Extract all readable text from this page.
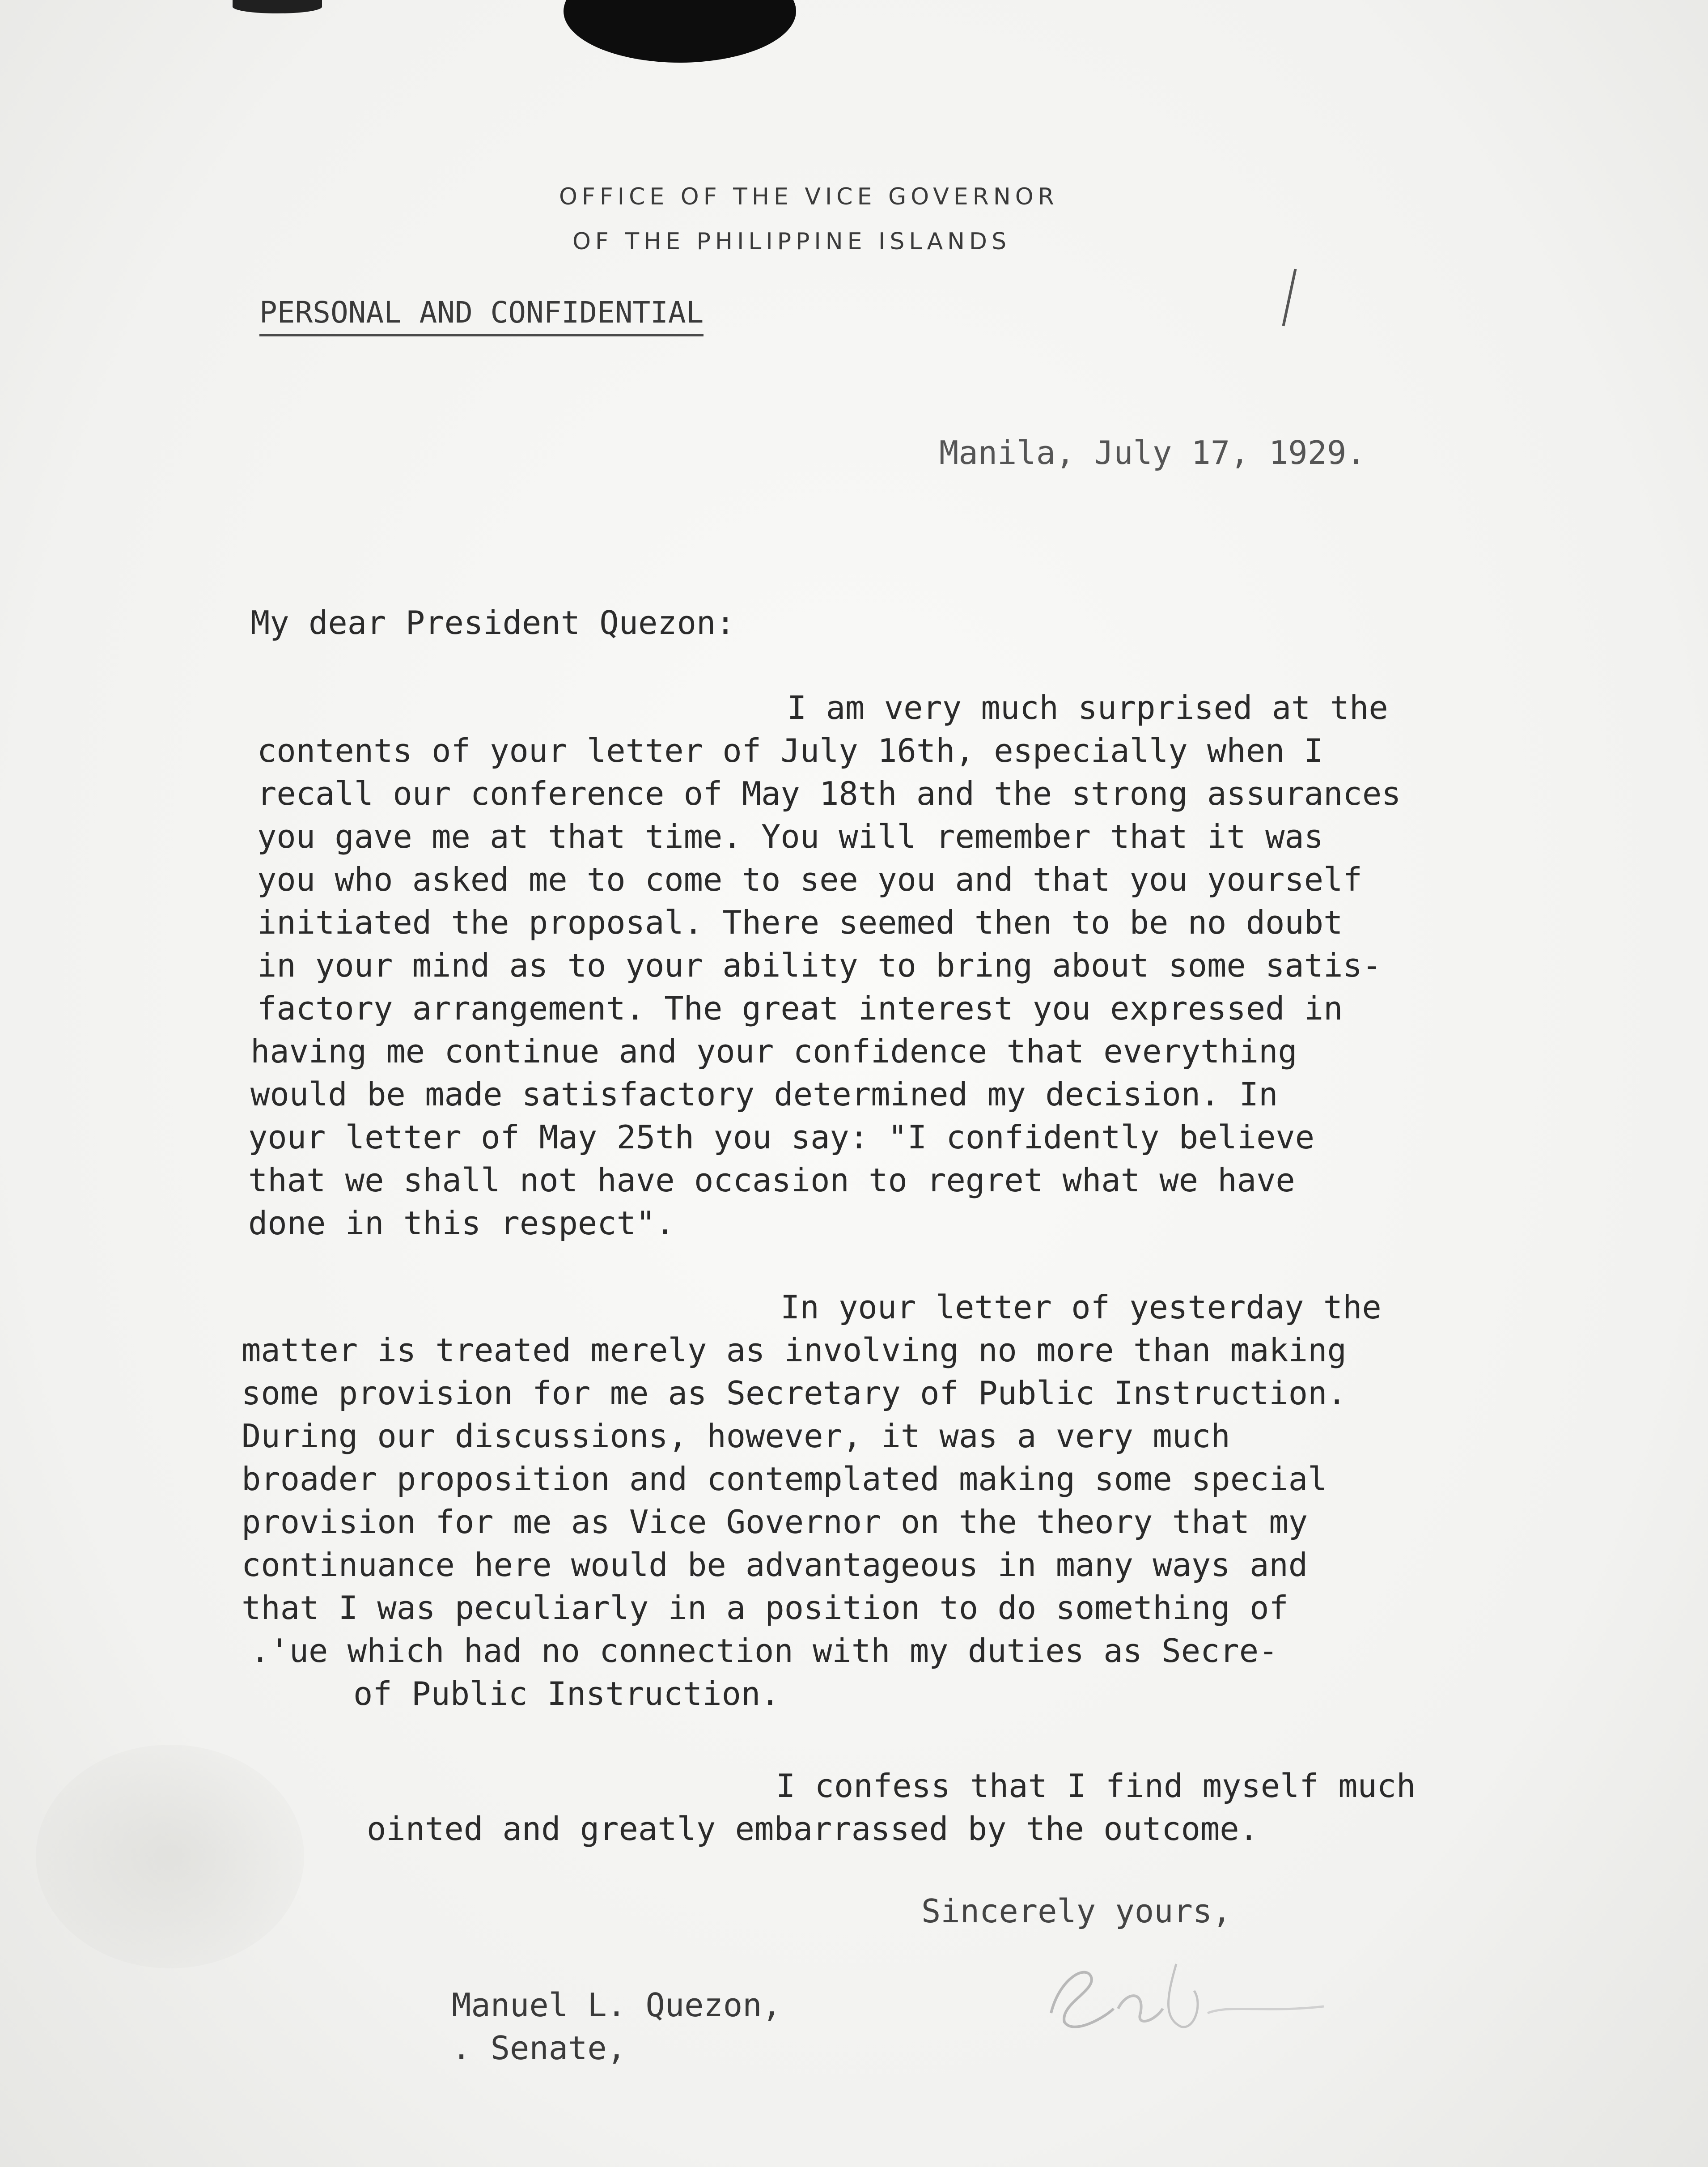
OFFICE OF THE VICE GOVERNOR
OF THE PHILIPPINE ISLANDS
PERSONAL AND CONFIDENTIAL
Manila, July 17, 1929.
My dear President Quezon:
I am very much surprised at the
contents of your letter of July 16th, especially when I
recall our conference of May 18th and the strong assurances
you gave me at that time. You will remember that it was
you who asked me to come to see you and that you yourself
initiated the proposal. There seemed then to be no doubt
in your mind as to your ability to bring about some satis-
factory arrangement. The great interest you expressed in
having me continue and your confidence that everything
would be made satisfactory determined my decision. In
your letter of May 25th you say: "I confidently believe
that we shall not have occasion to regret what we have
done in this respect".
In your letter of yesterday the
matter is treated merely as involving no more than making
some provision for me as Secretary of Public Instruction.
During our discussions, however, it was a very much
broader proposition and contemplated making some special
provision for me as Vice Governor on the theory that my
continuance here would be advantageous in many ways and
that I was peculiarly in a position to do something of
.'ue which had no connection with my duties as Secre-
of Public Instruction.
I confess that I find myself much
ointed and greatly embarrassed by the outcome.
Sincerely yours,
Manuel L. Quezon,
. Senate,
